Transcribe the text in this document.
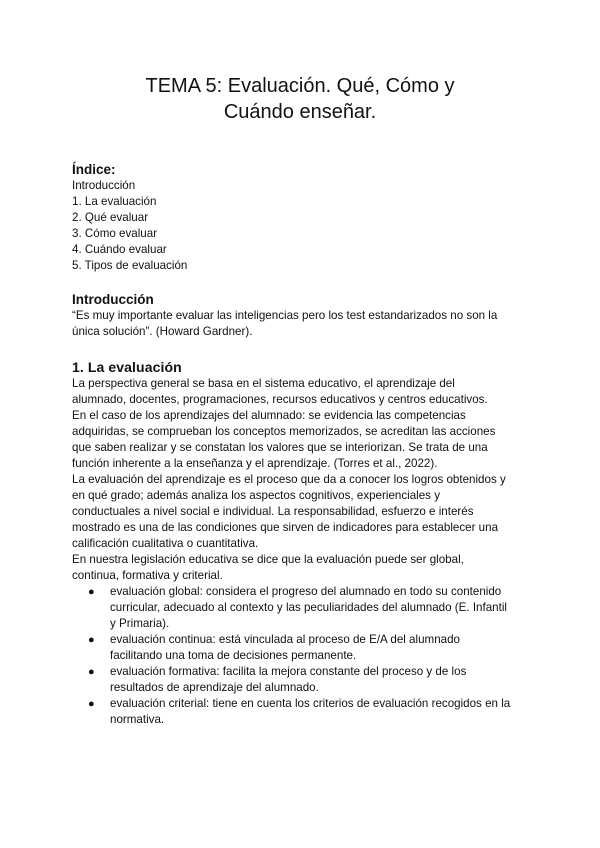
TEMA 5: Evaluación. Qué, Cómo y
Cuándo enseñar.
Índice:
Introducción
1. La evaluación
2. Qué evaluar
3. Cómo evaluar
4. Cuándo evaluar
5. Tipos de evaluación
Introducción

“Es muy importante evaluar las inteligencias pero los test estandarizados no son la

única solución”. (Howard Gardner).

1. La evaluación

La perspectiva general se basa en el sistema educativo, el aprendizaje del

alumnado, docentes, programaciones, recursos educativos y centros educativos.

En el caso de los aprendizajes del alumnado: se evidencia las competencias

adquiridas, se comprueban los conceptos memorizados, se acreditan las acciones

que saben realizar y se constatan los valores que se interiorizan. Se trata de una

función inherente a la enseñanza y el aprendizaje. (Torres et al., 2022).

La evaluación del aprendizaje es el proceso que da a conocer los logros obtenidos y

en qué grado; además analiza los aspectos cognitivos, experienciales y

conductuales a nivel social e individual. La responsabilidad, esfuerzo e interés

mostrado es una de las condiciones que sirven de indicadores para establecer una

calificación cualitativa o cuantitativa.

En nuestra legislación educativa se dice que la evaluación puede ser global,

continua, formativa y criterial.

● evaluación global: considera el progreso del alumnado en todo su contenido
curricular, adecuado al contexto y las peculiaridades del alumnado (E. Infantil
y Primaria).
● evaluación continua: está vinculada al proceso de E/A del alumnado
facilitando una toma de decisiones permanente.
● evaluación formativa: facilita la mejora constante del proceso y de los
resultados de aprendizaje del alumnado.
● evaluación criterial: tiene en cuenta los criterios de evaluación recogidos en la
normativa.
